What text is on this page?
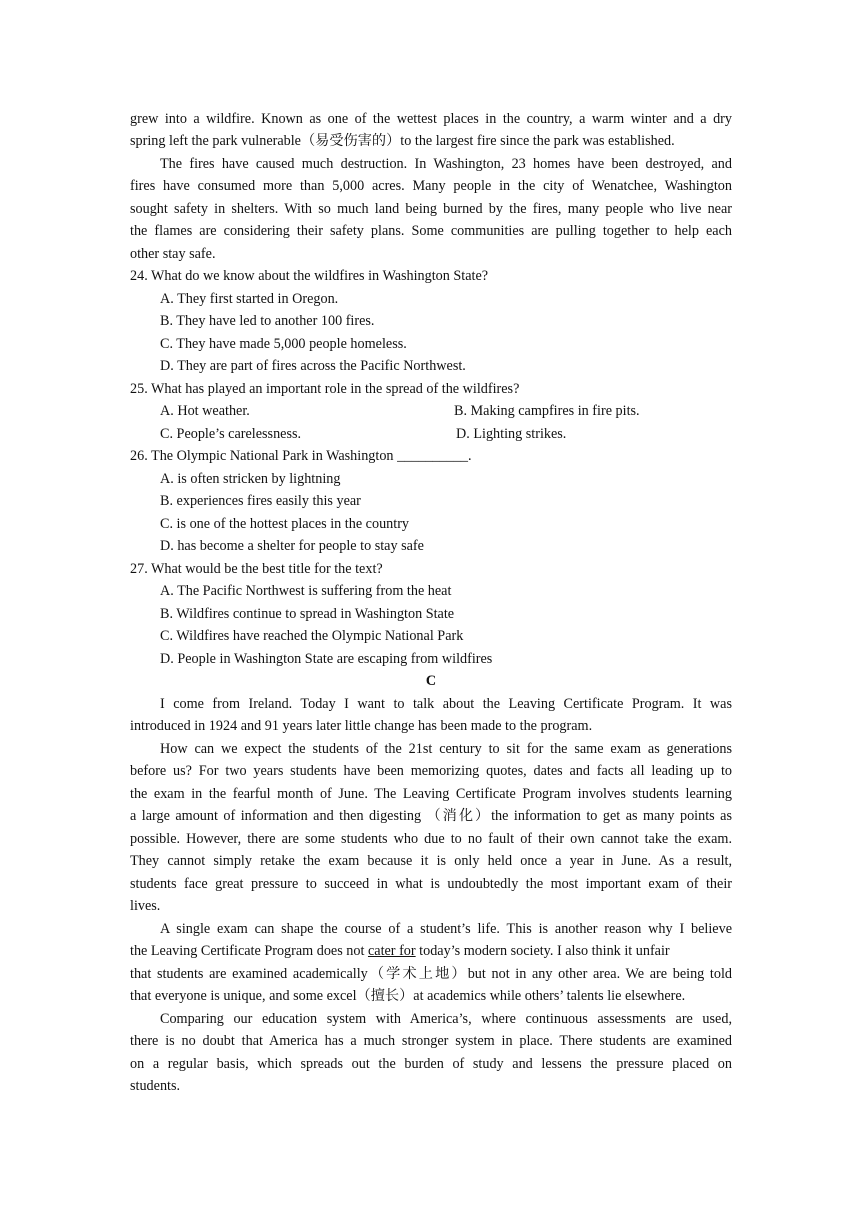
grew into a wildfire. Known as one of the wettest places in the country, a warm winter and a dry
spring left the park vulnerable（易受伤害的）to the largest fire since the park was established.
The fires have caused much destruction. In Washington, 23 homes have been destroyed, and
fires have consumed more than 5,000 acres. Many people in the city of Wenatchee, Washington
sought safety in shelters. With so much land being burned by the fires, many people who live near
the flames are considering their safety plans. Some communities are pulling together to help each
other stay safe.
24. What do we know about the wildfires in Washington State?
A. They first started in Oregon.
B. They have led to another 100 fires.
C. They have made 5,000 people homeless.
D. They are part of fires across the Pacific Northwest.
25. What has played an important role in the spread of the wildfires?
A. Hot weather.	B. Making campfires in fire pits.
C. People’s carelessness.	D. Lighting strikes.
26. The Olympic National Park in Washington __________.
A. is often stricken by lightning
B. experiences fires easily this year
C. is one of the hottest places in the country
D. has become a shelter for people to stay safe
27. What would be the best title for the text?
A. The Pacific Northwest is suffering from the heat
B. Wildfires continue to spread in Washington State
C. Wildfires have reached the Olympic National Park
D. People in Washington State are escaping from wildfires
C
I come from Ireland. Today I want to talk about the Leaving Certificate Program. It was
introduced in 1924 and 91 years later little change has been made to the program.
How can we expect the students of the 21st century to sit for the same exam as generations
before us? For two years students have been memorizing quotes, dates and facts all leading up to
the exam in the fearful month of June. The Leaving Certificate Program involves students learning
a large amount of information and then digesting （消化）the information to get as many points as
possible. However, there are some students who due to no fault of their own cannot take the exam.
They cannot simply retake the exam because it is only held once a year in June. As a result,
students face great pressure to succeed in what is undoubtedly the most important exam of their
lives.
A single exam can shape the course of a student’s life. This is another reason why I believe
the Leaving Certificate Program does not cater for today’s modern society. I also think it unfair
that students are examined academically（学术上地）but not in any other area. We are being told
that everyone is unique, and some excel（擅长）at academics while others’ talents lie elsewhere.
Comparing our education system with America’s, where continuous assessments are used,
there is no doubt that America has a much stronger system in place. There students are examined
on a regular basis, which spreads out the burden of study and lessens the pressure placed on
students.
